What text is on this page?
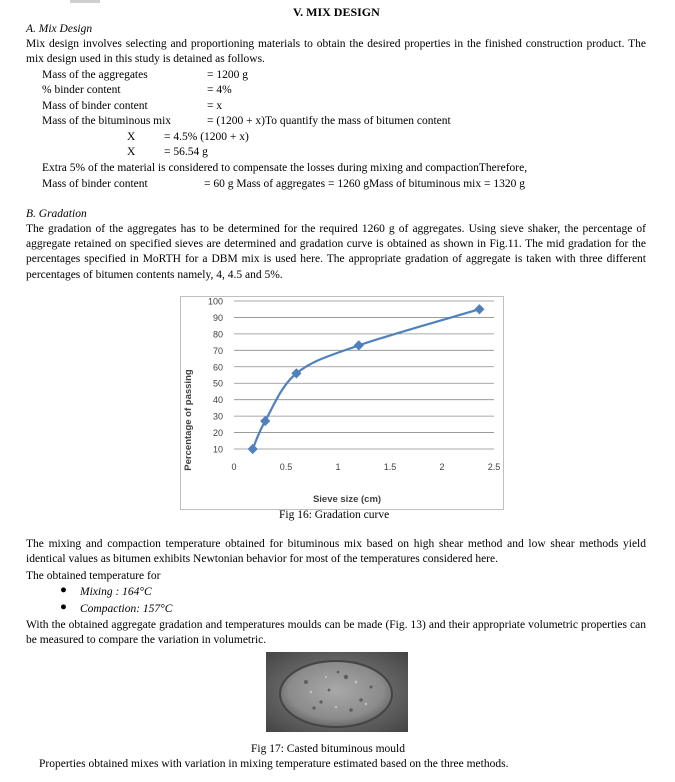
V. MIX DESIGN
A. Mix Design
Mix design involves selecting and proportioning materials to obtain the desired properties in the finished construction product. The mix design used in this study is detained as follows.
Mass of the aggregates	= 1200 g
% binder content	= 4%
Mass of binder content	= x
Mass of the bituminous mix	= (1200 + x)To quantify the mass of bitumen content
X = 4.5% (1200 + x)
X = 56.54 g
Extra 5% of the material is considered to compensate the losses during mixing and compactionTherefore,
Mass of binder content	= 60 g Mass of aggregates = 1260 gMass of bituminous mix = 1320 g
B. Gradation
The gradation of the aggregates has to be determined for the required 1260 g of aggregates. Using sieve shaker, the percentage of aggregate retained on specified sieves are determined and gradation curve is obtained as shown in Fig.11. The mid gradation for the percentages specified in MoRTH for a DBM mix is used here. The appropriate gradation of aggregate is taken with three different percentages of bitumen contents namely, 4, 4.5 and 5%.
10
20
30
40
50
60
70
80
90
100
0	0.5	1	1.5	2	2.5
Percentage of passing
Sieve size (cm)
Fig 16: Gradation curve
The mixing and compaction temperature obtained for bituminous mix based on high shear method and low shear methods yield identical values as bitumen exhibits Newtonian behavior for most of the temperatures considered here.
The obtained temperature for
● Mixing : 164°C
● Compaction: 157°C
With the obtained aggregate gradation and temperatures moulds can be made (Fig. 13) and their appropriate volumetric properties can be measured to compare the variation in volumetric.
Fig 17: Casted bituminous mould
Properties obtained mixes with variation in mixing temperature estimated based on the three methods.
